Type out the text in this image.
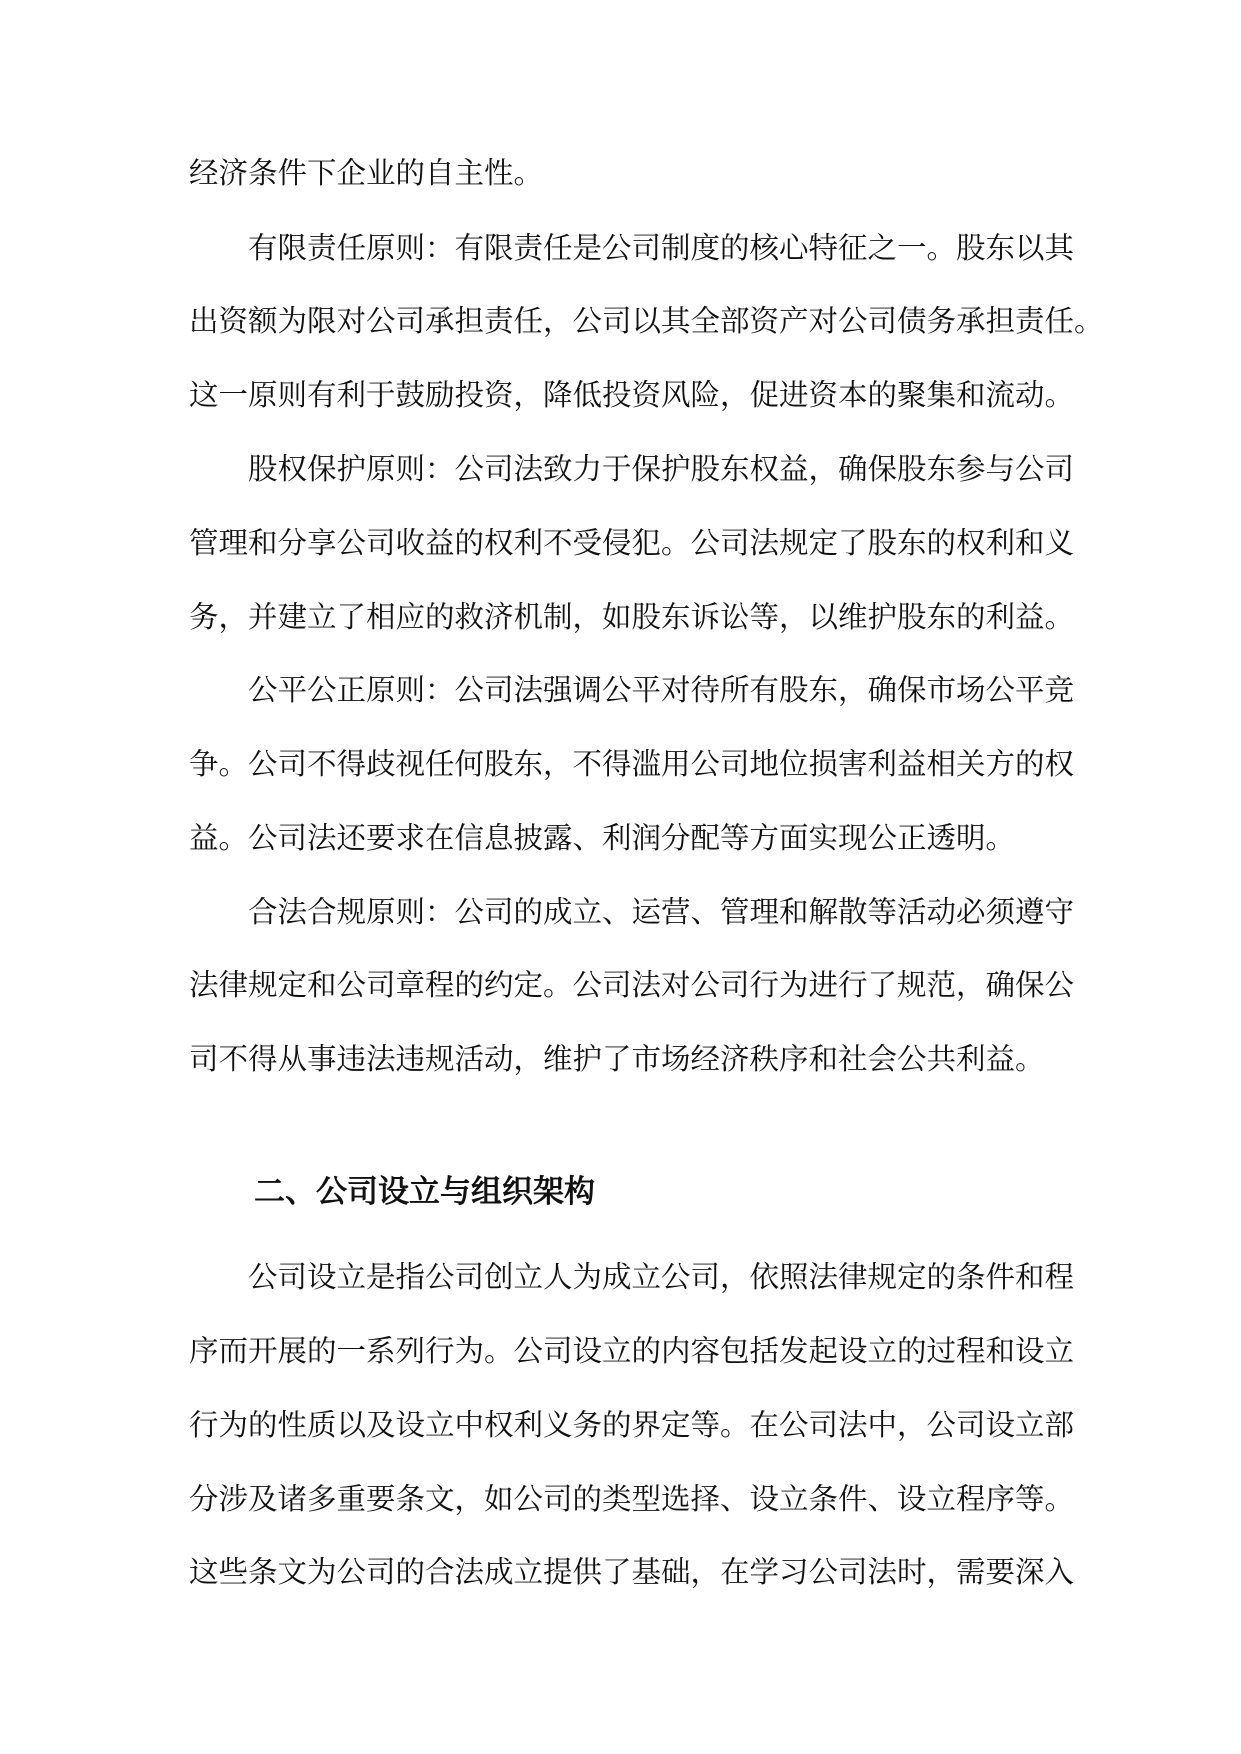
经济条件下企业的自主性。
有限责任原则：有限责任是公司制度的核心特征之一。股东以其
出资额为限对公司承担责任，公司以其全部资产对公司债务承担责任。
这一原则有利于鼓励投资，降低投资风险，促进资本的聚集和流动。
股权保护原则：公司法致力于保护股东权益，确保股东参与公司
管理和分享公司收益的权利不受侵犯。公司法规定了股东的权利和义
务，并建立了相应的救济机制，如股东诉讼等，以维护股东的利益。
公平公正原则：公司法强调公平对待所有股东，确保市场公平竞
争。公司不得歧视任何股东，不得滥用公司地位损害利益相关方的权
益。公司法还要求在信息披露、利润分配等方面实现公正透明。
合法合规原则：公司的成立、运营、管理和解散等活动必须遵守
法律规定和公司章程的约定。公司法对公司行为进行了规范，确保公
司不得从事违法违规活动，维护了市场经济秩序和社会公共利益。
二、公司设立与组织架构
公司设立是指公司创立人为成立公司，依照法律规定的条件和程
序而开展的一系列行为。公司设立的内容包括发起设立的过程和设立
行为的性质以及设立中权利义务的界定等。在公司法中，公司设立部
分涉及诸多重要条文，如公司的类型选择、设立条件、设立程序等。
这些条文为公司的合法成立提供了基础，在学习公司法时，需要深入
